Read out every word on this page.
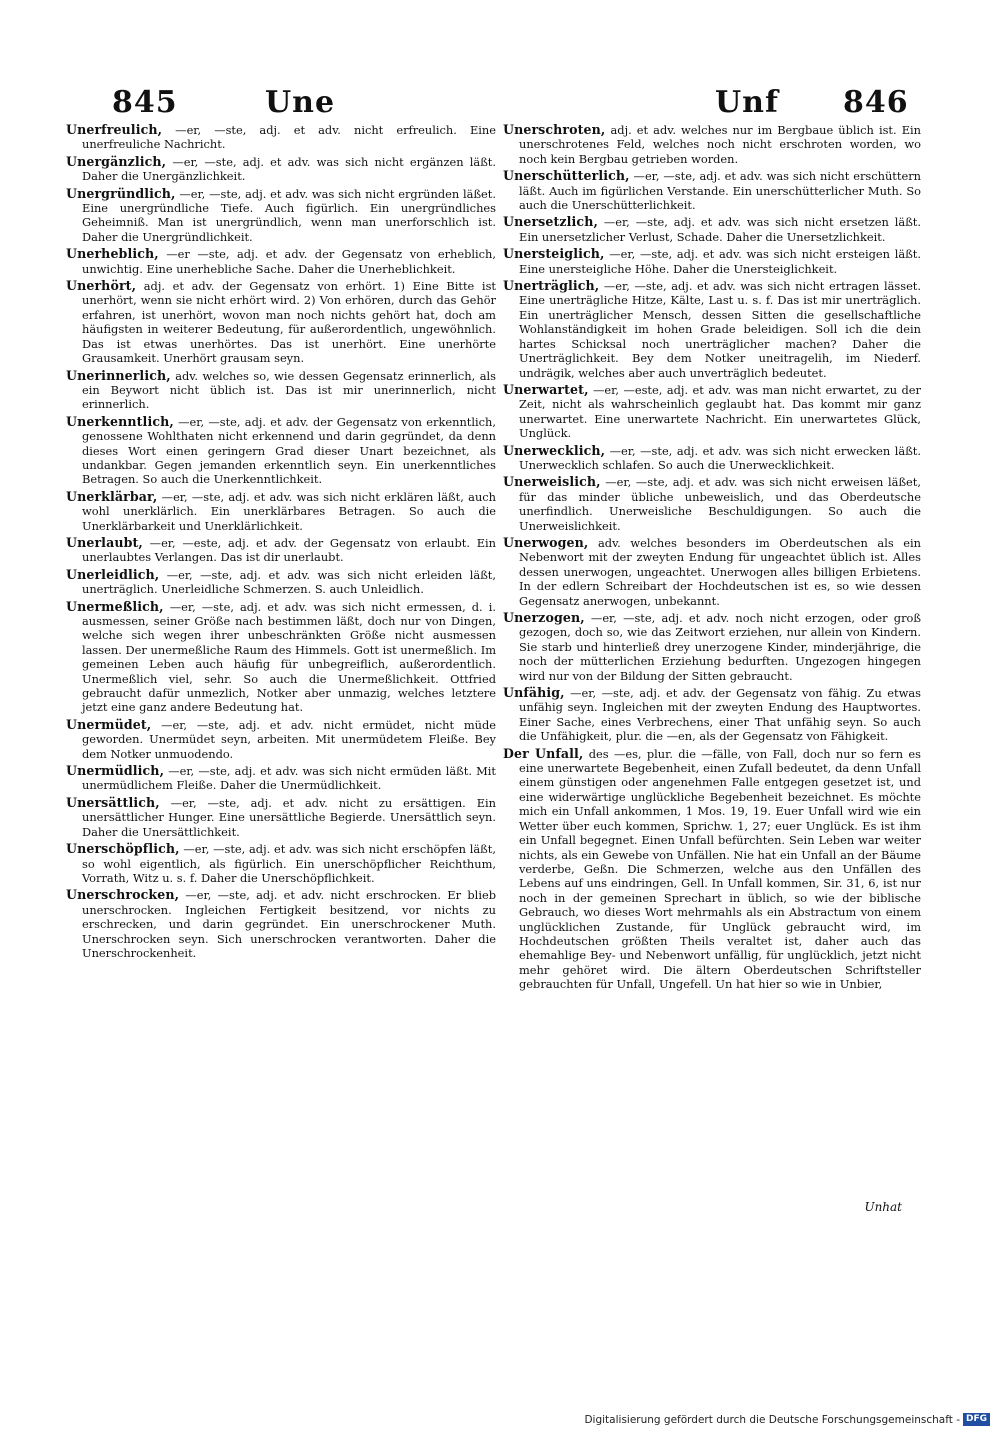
845	Une	Unf 846

Unerfreulich, —er, —ste, adj. et adv. nicht erfreulich. Eine unerfreuliche Nachricht.

Unergänzlich, —er, —ste, adj. et adv. was sich nicht ergänzen läßt. Daher die Unergänzlichkeit.

Unergründlich, —er, —ste, adj. et adv. was sich nicht ergründen läßet. Eine unergründliche Tiefe. Auch figürlich. Ein unergründliches Geheimniß. Man ist unergründlich, wenn man unerforschlich ist. Daher die Unergründlichkeit.

Unerheblich, —er —ste, adj. et adv. der Gegensatz von erheblich, unwichtig. Eine unerhebliche Sache. Daher die Unerheblichkeit.

Unerhört, adj. et adv. der Gegensatz von erhört. 1) Eine Bitte ist unerhört, wenn sie nicht erhört wird. 2) Von erhören, durch das Gehör erfahren, ist unerhört, wovon man noch nichts gehört hat, doch am häufigsten in weiterer Bedeutung, für außerordentlich, ungewöhnlich. Das ist etwas unerhörtes. Das ist unerhört. Eine unerhörte Grausamkeit. Unerhört grausam seyn.

Unerinnerlich, adv. welches so, wie dessen Gegensatz erinnerlich, als ein Beywort nicht üblich ist. Das ist mir unerinnerlich, nicht erinnerlich.

Unerkenntlich, —er, —ste, adj. et adv. der Gegensatz von erkenntlich, genossene Wohlthaten nicht erkennend und darin gegründet, da denn dieses Wort einen geringern Grad dieser Unart bezeichnet, als undankbar. Gegen jemanden erkenntlich seyn. Ein unerkenntliches Betragen. So auch die Unerkenntlichkeit.

Unerklärbar, —er, —ste, adj. et adv. was sich nicht erklären läßt, auch wohl unerklärlich. Ein unerklärbares Betragen. So auch die Unerklärbarkeit und Unerklärlichkeit.

Unerlaubt, —er, —este, adj. et adv. der Gegensatz von erlaubt. Ein unerlaubtes Verlangen. Das ist dir unerlaubt.

Unerleidlich, —er, —ste, adj. et adv. was sich nicht erleiden läßt, unerträglich. Unerleidliche Schmerzen. S. auch Unleidlich.

Unermeßlich, —er, —ste, adj. et adv. was sich nicht ermessen, d. i. ausmessen, seiner Größe nach bestimmen läßt, doch nur von Dingen, welche sich wegen ihrer unbeschränkten Größe nicht ausmessen lassen. Der unermeßliche Raum des Himmels. Gott ist unermeßlich. Im gemeinen Leben auch häufig für unbegreiflich, außerordentlich. Unermeßlich viel, sehr. So auch die Unermeßlichkeit. Ottfried gebraucht dafür unmezlich, Notker aber unmazig, welches letztere jetzt eine ganz andere Bedeutung hat.

Unermüdet, —er, —ste, adj. et adv. nicht ermüdet, nicht müde geworden. Unermüdet seyn, arbeiten. Mit unermüdetem Fleiße. Bey dem Notker unmuodendo.

Unermüdlich, —er, —ste, adj. et adv. was sich nicht ermüden läßt. Mit unermüdlichem Fleiße. Daher die Unermüdlichkeit.

Unersättlich, —er, —ste, adj. et adv. nicht zu ersättigen. Ein unersättlicher Hunger. Eine unersättliche Begierde. Unersättlich seyn. Daher die Unersättlichkeit.

Unerschöpflich, —er, —ste, adj. et adv. was sich nicht erschöpfen läßt, so wohl eigentlich, als figürlich. Ein unerschöpflicher Reichthum, Vorrath, Witz u. s. f. Daher die Unerschöpflichkeit.

Unerschrocken, —er, —ste, adj. et adv. nicht erschrocken. Er blieb unerschrocken. Ingleichen Fertigkeit besitzend, vor nichts zu erschrecken, und darin gegründet. Ein unerschrockener Muth. Unerschrocken seyn. Sich unerschrocken verantworten. Daher die Unerschrockenheit.

Unerschroten, adj. et adv. welches nur im Bergbaue üblich ist. Ein unerschrotenes Feld, welches noch nicht erschroten worden, wo noch kein Bergbau getrieben worden.

Unerschütterlich, —er, —ste, adj. et adv. was sich nicht erschüttern läßt. Auch im figürlichen Verstande. Ein unerschütterlicher Muth. So auch die Unerschütterlichkeit.

Unersetzlich, —er, —ste, adj. et adv. was sich nicht ersetzen läßt. Ein unersetzlicher Verlust, Schade. Daher die Unersetzlichkeit.

Unersteiglich, —er, —ste, adj. et adv. was sich nicht ersteigen läßt. Eine unersteigliche Höhe. Daher die Unersteiglichkeit.

Unerträglich, —er, —ste, adj. et adv. was sich nicht ertragen lässet. Eine unerträgliche Hitze, Kälte, Last u. s. f. Das ist mir unerträglich. Ein unerträglicher Mensch, dessen Sitten die gesellschaftliche Wohlanständigkeit im hohen Grade beleidigen. Soll ich die dein hartes Schicksal noch unerträglicher machen? Daher die Unerträglichkeit. Bey dem Notker uneitragelih, im Niederf. undrägik, welches aber auch unverträglich bedeutet.

Unerwartet, —er, —este, adj. et adv. was man nicht erwartet, zu der Zeit, nicht als wahrscheinlich geglaubt hat. Das kommt mir ganz unerwartet. Eine unerwartete Nachricht. Ein unerwartetes Glück, Unglück.

Unerwecklich, —er, —ste, adj. et adv. was sich nicht erwecken läßt. Unerwecklich schlafen. So auch die Unerwecklichkeit.

Unerweislich, —er, —ste, adj. et adv. was sich nicht erweisen läßet, für das minder übliche unbeweislich, und das Oberdeutsche unerfindlich. Unerweisliche Beschuldigungen. So auch die Unerweislichkeit.

Unerwogen, adv. welches besonders im Oberdeutschen als ein Nebenwort mit der zweyten Endung für ungeachtet üblich ist. Alles dessen unerwogen, ungeachtet. Unerwogen alles billigen Erbietens. In der edlern Schreibart der Hochdeutschen ist es, so wie dessen Gegensatz anerwogen, unbekannt.

Unerzogen, —er, —ste, adj. et adv. noch nicht erzogen, oder groß gezogen, doch so, wie das Zeitwort erziehen, nur allein von Kindern. Sie starb und hinterließ drey unerzogene Kinder, minderjährige, die noch der mütterlichen Erziehung bedurften. Ungezogen hingegen wird nur von der Bildung der Sitten gebraucht.

Unfähig, —er, —ste, adj. et adv. der Gegensatz von fähig. Zu etwas unfähig seyn. Ingleichen mit der zweyten Endung des Hauptwortes. Einer Sache, eines Verbrechens, einer That unfähig seyn. So auch die Unfähigkeit, plur. die —en, als der Gegensatz von Fähigkeit.

Der Unfall, des —es, plur. die —fälle, von Fall, doch nur so fern es eine unerwartete Begebenheit, einen Zufall bedeutet, da denn Unfall einem günstigen oder angenehmen Falle entgegen gesetzet ist, und eine widerwärtige unglückliche Begebenheit bezeichnet. Es möchte mich ein Unfall ankommen, 1 Mos. 19, 19. Euer Unfall wird wie ein Wetter über euch kommen, Sprichw. 1, 27; euer Unglück. Es ist ihm ein Unfall begegnet. Einen Unfall befürchten. Sein Leben war weiter nichts, als ein Gewebe von Unfällen. Nie hat ein Unfall an der Bäume verderbe, Geßn. Die Schmerzen, welche aus den Unfällen des Lebens auf uns eindringen, Gell. In Unfall kommen, Sir. 31, 6, ist nur noch in der gemeinen Sprechart in üblich, so wie der biblische Gebrauch, wo dieses Wort mehrmahls als ein Abstractum von einem unglücklichen Zustande, für Unglück gebraucht wird, im Hochdeutschen größten Theils veraltet ist, daher auch das ehemahlige Bey- und Nebenwort unfällig, für unglücklich, jetzt nicht mehr gehöret wird. Die ältern Oberdeutschen Schriftsteller gebrauchten für Unfall, Ungefell. Un hat hier so wie in Unbier,

Unhat
Digitalisierung gefördert durch die Deutsche Forschungsgemeinschaft - DFG
